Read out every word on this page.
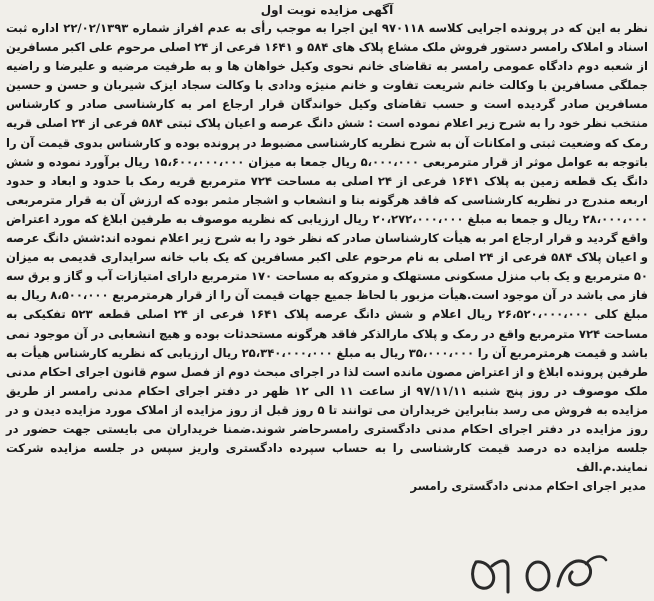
آگهی مزایده نوبت اول

نظر به این که در پرونده اجرایی کلاسه ۹۷۰۱۱۸ این اجرا به موجب رأی به عدم افراز شماره ۲۲/۰۲/۱۳۹۳ اداره ثبت اسناد و املاک رامسر دستور فروش ملک مشاع پلاک های ۵۸۴ و ۱۶۴۱ فرعی از ۲۴ اصلی مرحوم علی اکبر مسافرین از شعبه دوم دادگاه عمومی رامسر به تقاضای خانم نحوی وکیل خواهان ها و به طرفیت مرضیه و علیرضا و راضیه جملگی مسافرین با وکالت خانم شریعت تفاوت و خانم منیژه ودادی با وکالت سجاد ایزک شیربان و حسن و حسین مسافرین صادر گردیده است و حسب تقاضای وکیل خواندگان قرار ارجاع امر به کارشناسی صادر و کارشناس منتخب نظر خود را به شرح زیر اعلام نموده است : شش دانگ عرصه و اعیان پلاک ثبتی ۵۸۴ فرعی از ۲۴ اصلی قریه رمک که وضعیت ثبتی و امکانات آن به شرح نظریه کارشناسی مضبوط در پرونده بوده و کارشناس بدوی قیمت آن را باتوجه به عوامل موثر از قرار مترمربعی ۵،۰۰۰،۰۰۰ ریال جمعا به میزان ۱۵،۶۰۰،۰۰۰،۰۰۰ ریال برآورد نموده و شش دانگ یک قطعه زمین به پلاک ۱۶۴۱ فرعی از ۲۴ اصلی به مساحت ۷۲۴ مترمربع قریه رمک با حدود و ابعاد و حدود اربعه مندرج در نظریه کارشناسی که فاقد هرگونه بنا و انشعاب و اشجار مثمر بوده که ارزش آن به قرار مترمربعی ۲۸،۰۰۰،۰۰۰ ریال و جمعا به مبلغ ۲۰،۲۷۲،۰۰۰،۰۰۰ ریال ارزیابی که نظریه موصوف به طرفین ابلاغ که مورد اعتراض واقع گردید و قرار ارجاع امر به هیأت کارشناسان صادر که نظر خود را به شرح زیر اعلام نموده اند:شش دانگ عرصه و اعیان پلاک ۵۸۴ فرعی از ۲۴ اصلی به نام مرحوم علی اکبر مسافرین که یک باب خانه سرایداری قدیمی به میزان ۵۰ مترمربع و یک باب منزل مسکونی مستهلک و متروکه به مساحت ۱۷۰ مترمربع دارای امتیازات آب و گاز و برق سه فاز می باشد در آن موجود است.هیأت مزبور با لحاظ جمیع جهات قیمت آن را از قرار هرمترمربع ۸،۵۰۰،۰۰۰ ریال به مبلغ کلی ۲۶،۵۲۰،۰۰۰،۰۰۰ ریال اعلام و شش دانگ عرصه پلاک ۱۶۴۱ فرعی از ۲۴ اصلی قطعه ۵۲۳ تفکیکی به مساحت ۷۲۴ مترمربع واقع در رمک و پلاک مارالذکر فاقد هرگونه مستحدثات بوده و هیچ انشعابی در آن موجود نمی باشد و قیمت هرمترمربع آن را ۳۵،۰۰۰،۰۰۰ ریال به مبلغ ۲۵،۳۴۰،۰۰۰،۰۰۰ ریال ارزیابی که نظریه کارشناس هیأت به طرفین پرونده ابلاغ و از اعتراض مصون مانده است لذا در اجرای مبحث دوم از فصل سوم قانون اجرای احکام مدنی ملک موصوف در روز پنج شنبه ۹۷/۱۱/۱۱ از ساعت ۱۱ الی ۱۲ ظهر در دفتر اجرای احکام مدنی رامسر از طریق مزایده به فروش می رسد بنابراین خریداران می توانند تا ۵ روز قبل از روز مزایده از املاک مورد مزایده دیدن و در روز مزایده در دفتر اجرای احکام مدنی دادگستری رامسرحاضر شوند.ضمنا خریداران می بایستی جهت حضور در جلسه مزایده ده درصد قیمت کارشناسی را به حساب سپرده دادگستری واریز سپس در جلسه مزایده شرکت نمایند.م.الف

مدیر اجرای احکام مدنی دادگستری رامسر
